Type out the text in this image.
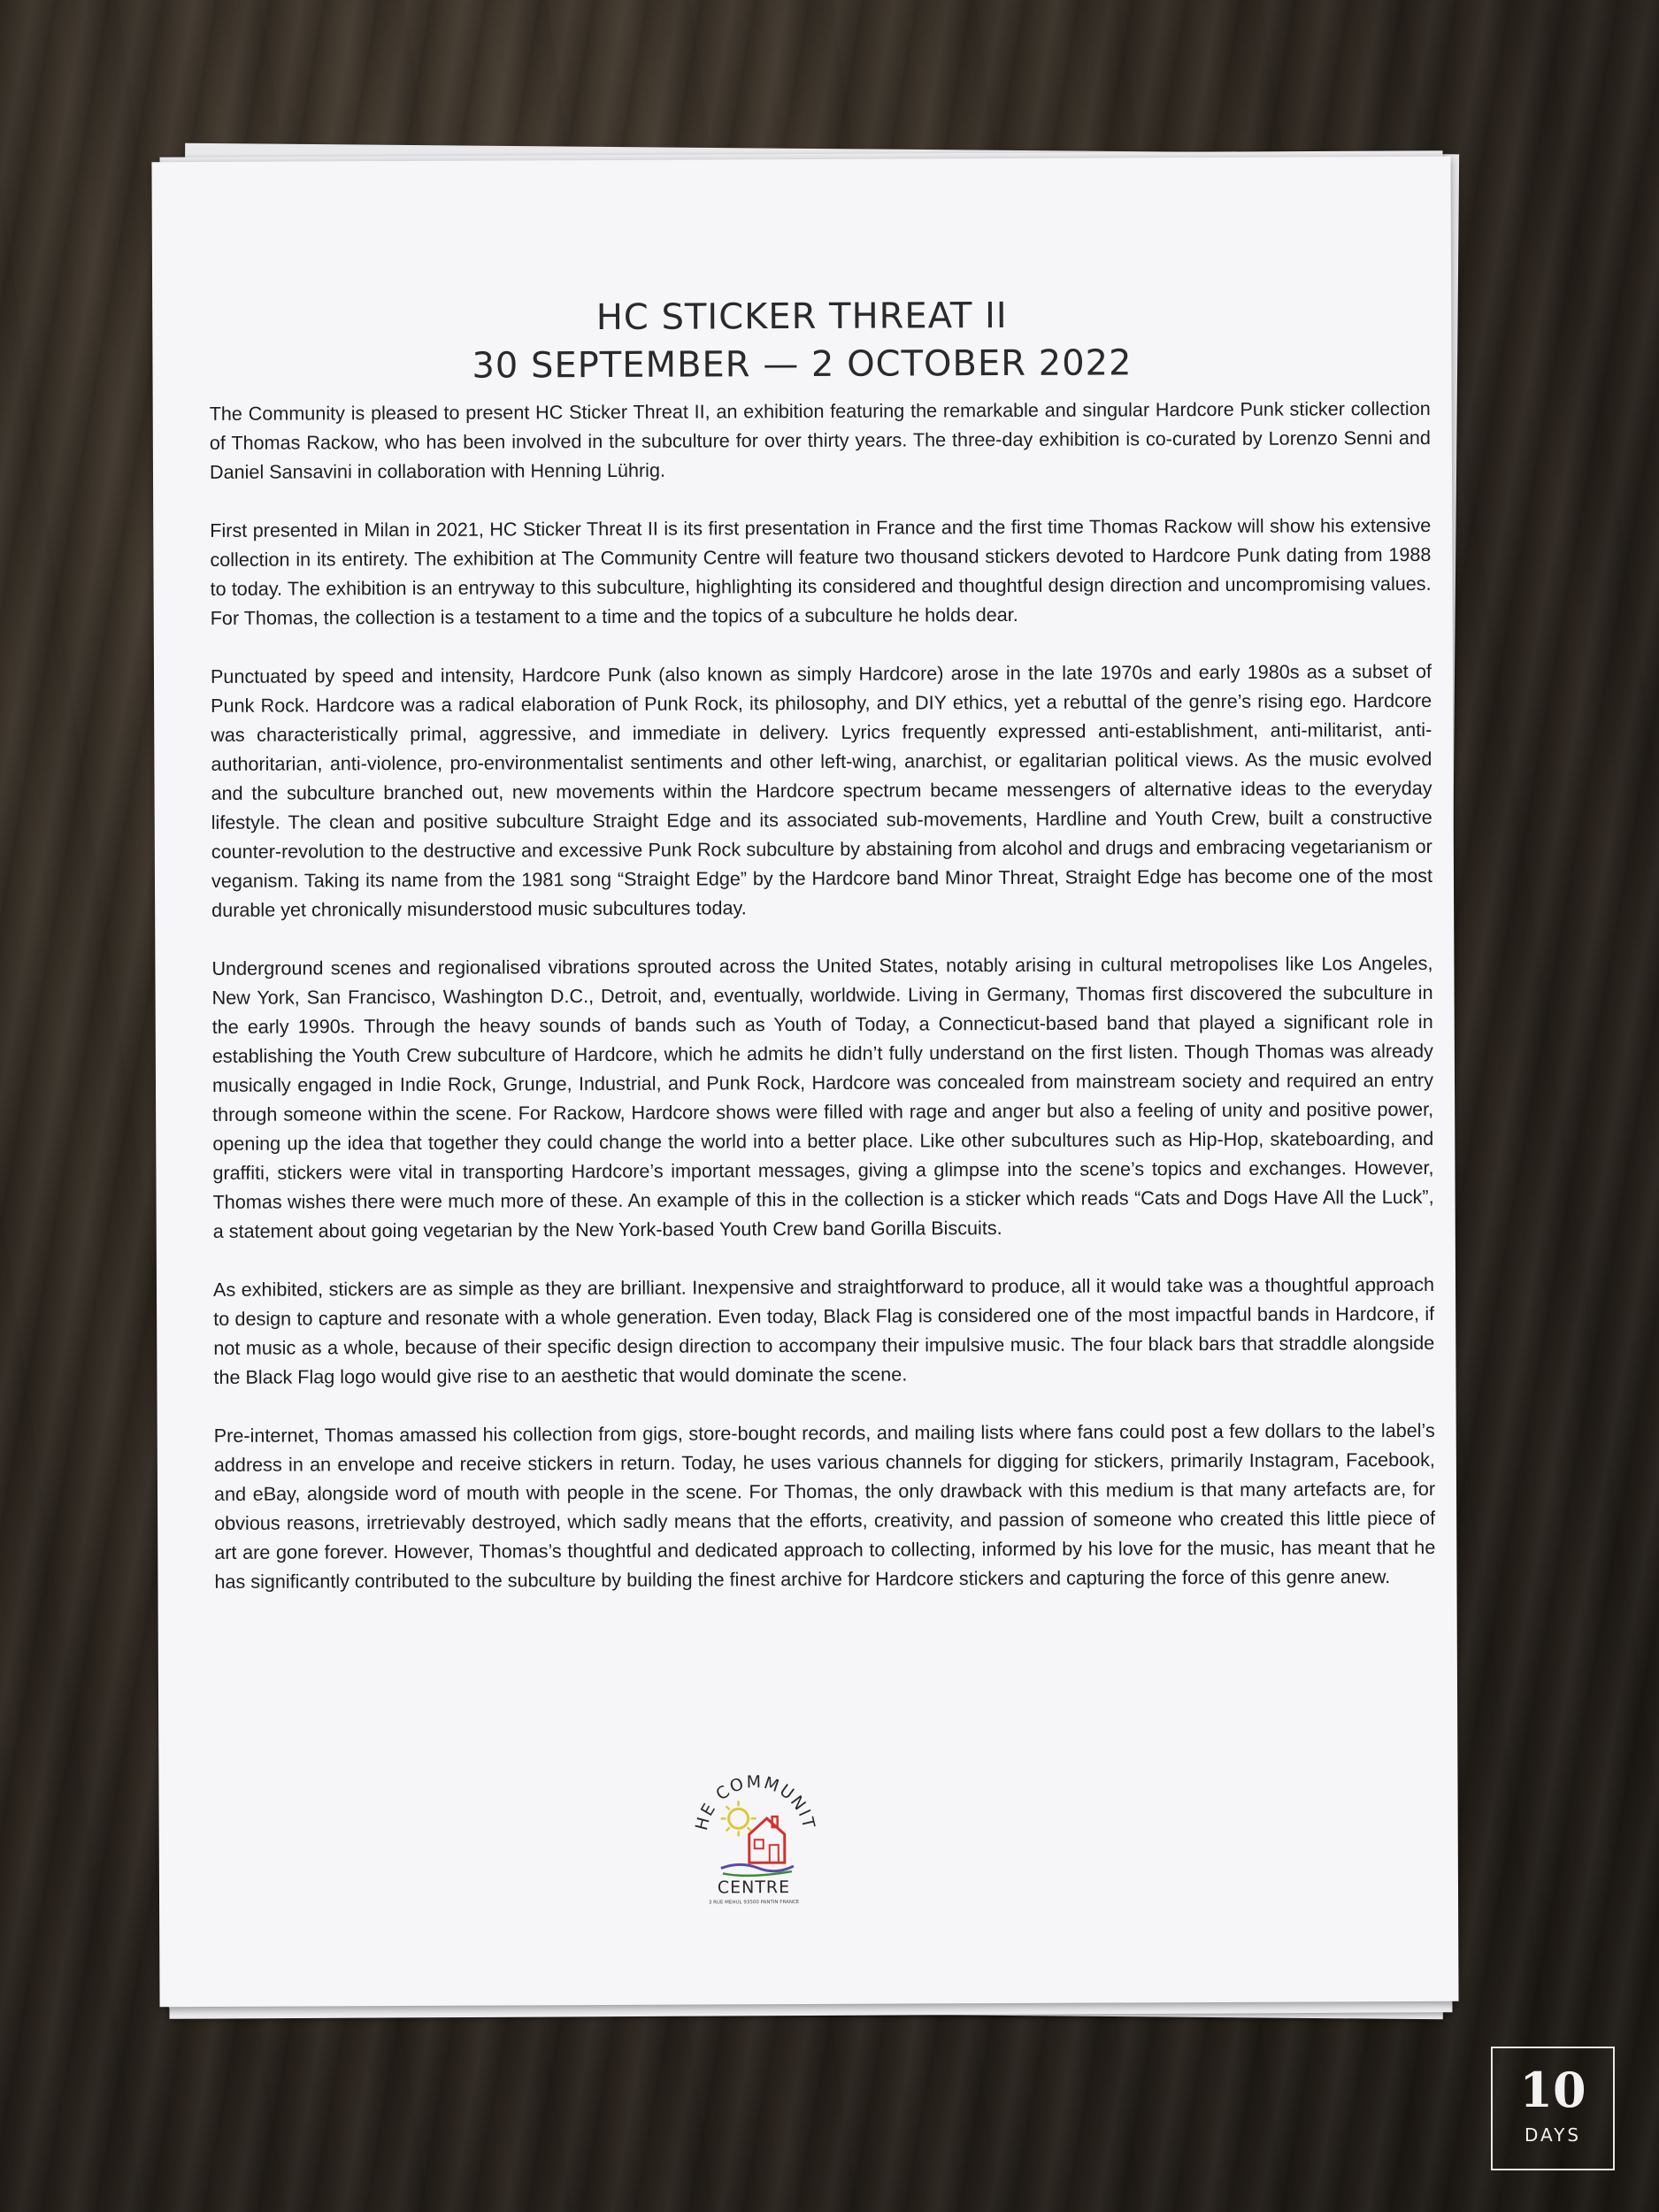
HC STICKER THREAT II
30 SEPTEMBER — 2 OCTOBER 2022

The Community is pleased to present HC Sticker Threat II, an exhibition featuring the remarkable and singular Hardcore Punk sticker collection of Thomas Rackow, who has been involved in the subculture for over thirty years. The three-day exhibition is co-curated by Lorenzo Senni and Daniel Sansavini in collaboration with Henning Lührig.

First presented in Milan in 2021, HC Sticker Threat II is its first presentation in France and the first time Thomas Rackow will show his extensive collection in its entirety. The exhibition at The Community Centre will feature two thousand stickers devoted to Hardcore Punk dating from 1988 to today. The exhibition is an entryway to this subculture, highlighting its considered and thoughtful design direction and uncompromising values. For Thomas, the collection is a testament to a time and the topics of a subculture he holds dear.

Punctuated by speed and intensity, Hardcore Punk (also known as simply Hardcore) arose in the late 1970s and early 1980s as a subset of Punk Rock. Hardcore was a radical elaboration of Punk Rock, its philosophy, and DIY ethics, yet a rebuttal of the genre’s rising ego. Hardcore was characteristically primal, aggressive, and immediate in delivery. Lyrics frequently expressed anti-establishment, anti-militarist, anti-authoritarian, anti-violence, pro-environmentalist sentiments and other left-wing, anarchist, or egalitarian political views. As the music evolved and the subculture branched out, new movements within the Hardcore spectrum became messengers of alternative ideas to the everyday lifestyle. The clean and positive subculture Straight Edge and its associated sub-movements, Hardline and Youth Crew, built a constructive counter-revolution to the destructive and excessive Punk Rock subculture by abstaining from alcohol and drugs and embracing vegetarianism or veganism. Taking its name from the 1981 song “Straight Edge” by the Hardcore band Minor Threat, Straight Edge has become one of the most durable yet chronically misunderstood music subcultures today.

Underground scenes and regionalised vibrations sprouted across the United States, notably arising in cultural metropolises like Los Angeles, New York, San Francisco, Washington D.C., Detroit, and, eventually, worldwide. Living in Germany, Thomas first discovered the subculture in the early 1990s. Through the heavy sounds of bands such as Youth of Today, a Connecticut-based band that played a significant role in establishing the Youth Crew subculture of Hardcore, which he admits he didn’t fully understand on the first listen. Though Thomas was already musically engaged in Indie Rock, Grunge, Industrial, and Punk Rock, Hardcore was concealed from mainstream society and required an entry through someone within the scene. For Rackow, Hardcore shows were filled with rage and anger but also a feeling of unity and positive power, opening up the idea that together they could change the world into a better place. Like other subcultures such as Hip-Hop, skateboarding, and graffiti, stickers were vital in transporting Hardcore’s important messages, giving a glimpse into the scene’s topics and exchanges. However, Thomas wishes there were much more of these. An example of this in the collection is a sticker which reads “Cats and Dogs Have All the Luck”, a statement about going vegetarian by the New York-based Youth Crew band Gorilla Biscuits.

As exhibited, stickers are as simple as they are brilliant. Inexpensive and straightforward to produce, all it would take was a thoughtful approach to design to capture and resonate with a whole generation. Even today, Black Flag is considered one of the most impactful bands in Hardcore, if not music as a whole, because of their specific design direction to accompany their impulsive music. The four black bars that straddle alongside the Black Flag logo would give rise to an aesthetic that would dominate the scene.

Pre-internet, Thomas amassed his collection from gigs, store-bought records, and mailing lists where fans could post a few dollars to the label’s address in an envelope and receive stickers in return. Today, he uses various channels for digging for stickers, primarily Instagram, Facebook, and eBay, alongside word of mouth with people in the scene. For Thomas, the only drawback with this medium is that many artefacts are, for obvious reasons, irretrievably destroyed, which sadly means that the efforts, creativity, and passion of someone who created this little piece of art are gone forever. However, Thomas’s thoughtful and dedicated approach to collecting, informed by his love for the music, has meant that he has significantly contributed to the subculture by building the finest archive for Hardcore stickers and capturing the force of this genre anew.

THE COMMUNITY
CENTRE
3 RUE MEHUL 93500 PANTIN FRANCE
10
DAYS
